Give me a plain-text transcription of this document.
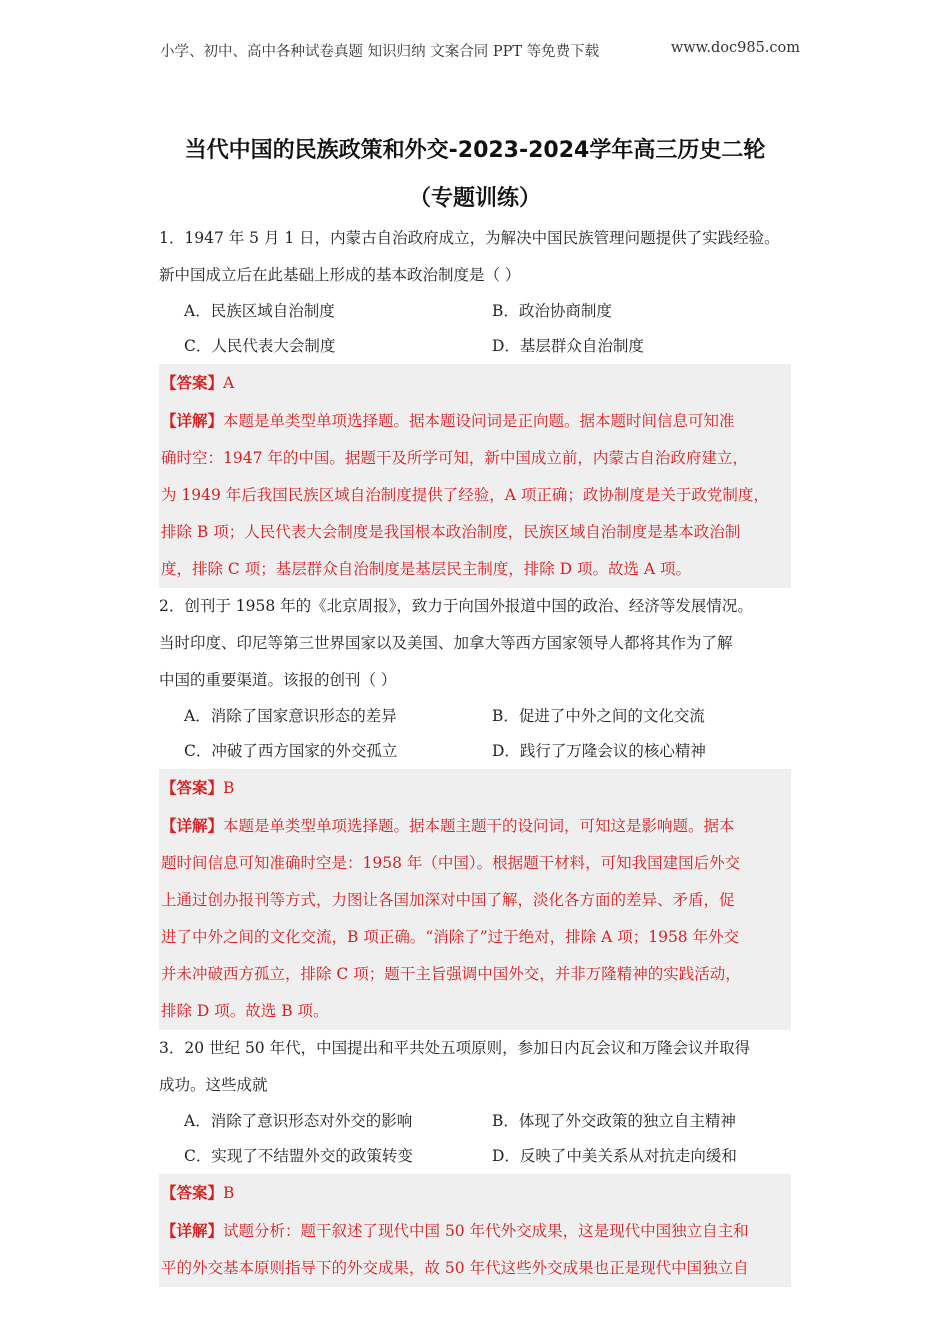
小学、初中、高中各种试卷真题 知识归纳 文案合同 PPT 等免费下载	www.doc985.com
当代中国的民族政策和外交-2023-2024学年高三历史二轮
（专题训练）

1．1947 年 5 月 1 日，内蒙古自治政府成立，为解决中国民族管理问题提供了实践经验。

新中国成立后在此基础上形成的基本政治制度是（ ）

A．民族区域自治制度	B．政治协商制度
C．人民代表大会制度	D．基层群众自治制度

【答案】A

【详解】本题是单类型单项选择题。据本题设问词是正向题。据本题时间信息可知准

确时空：1947 年的中国。据题干及所学可知，新中国成立前，内蒙古自治政府建立，

为 1949 年后我国民族区域自治制度提供了经验，A 项正确；政协制度是关于政党制度，

排除 B 项；人民代表大会制度是我国根本政治制度，民族区域自治制度是基本政治制

度，排除 C 项；基层群众自治制度是基层民主制度，排除 D 项。故选 A 项。

2．创刊于 1958 年的《北京周报》，致力于向国外报道中国的政治、经济等发展情况。

当时印度、印尼等第三世界国家以及美国、加拿大等西方国家领导人都将其作为了解

中国的重要渠道。该报的创刊（ ）

A．消除了国家意识形态的差异	B．促进了中外之间的文化交流
C．冲破了西方国家的外交孤立	D．践行了万隆会议的核心精神

【答案】B

【详解】本题是单类型单项选择题。据本题主题干的设问词，可知这是影响题。据本

题时间信息可知准确时空是：1958 年（中国）。根据题干材料，可知我国建国后外交

上通过创办报刊等方式，力图让各国加深对中国了解，淡化各方面的差异、矛盾，促

进了中外之间的文化交流，B 项正确。“消除了”过于绝对，排除 A 项；1958 年外交

并未冲破西方孤立，排除 C 项；题干主旨强调中国外交，并非万隆精神的实践活动，

排除 D 项。故选 B 项。

3．20 世纪 50 年代，中国提出和平共处五项原则，参加日内瓦会议和万隆会议并取得

成功。这些成就

A．消除了意识形态对外交的影响	B．体现了外交政策的独立自主精神
C．实现了不结盟外交的政策转变	D．反映了中美关系从对抗走向缓和

【答案】B

【详解】试题分析：题干叙述了现代中国 50 年代外交成果，这是现代中国独立自主和

平的外交基本原则指导下的外交成果，故 50 年代这些外交成果也正是现代中国独立自
